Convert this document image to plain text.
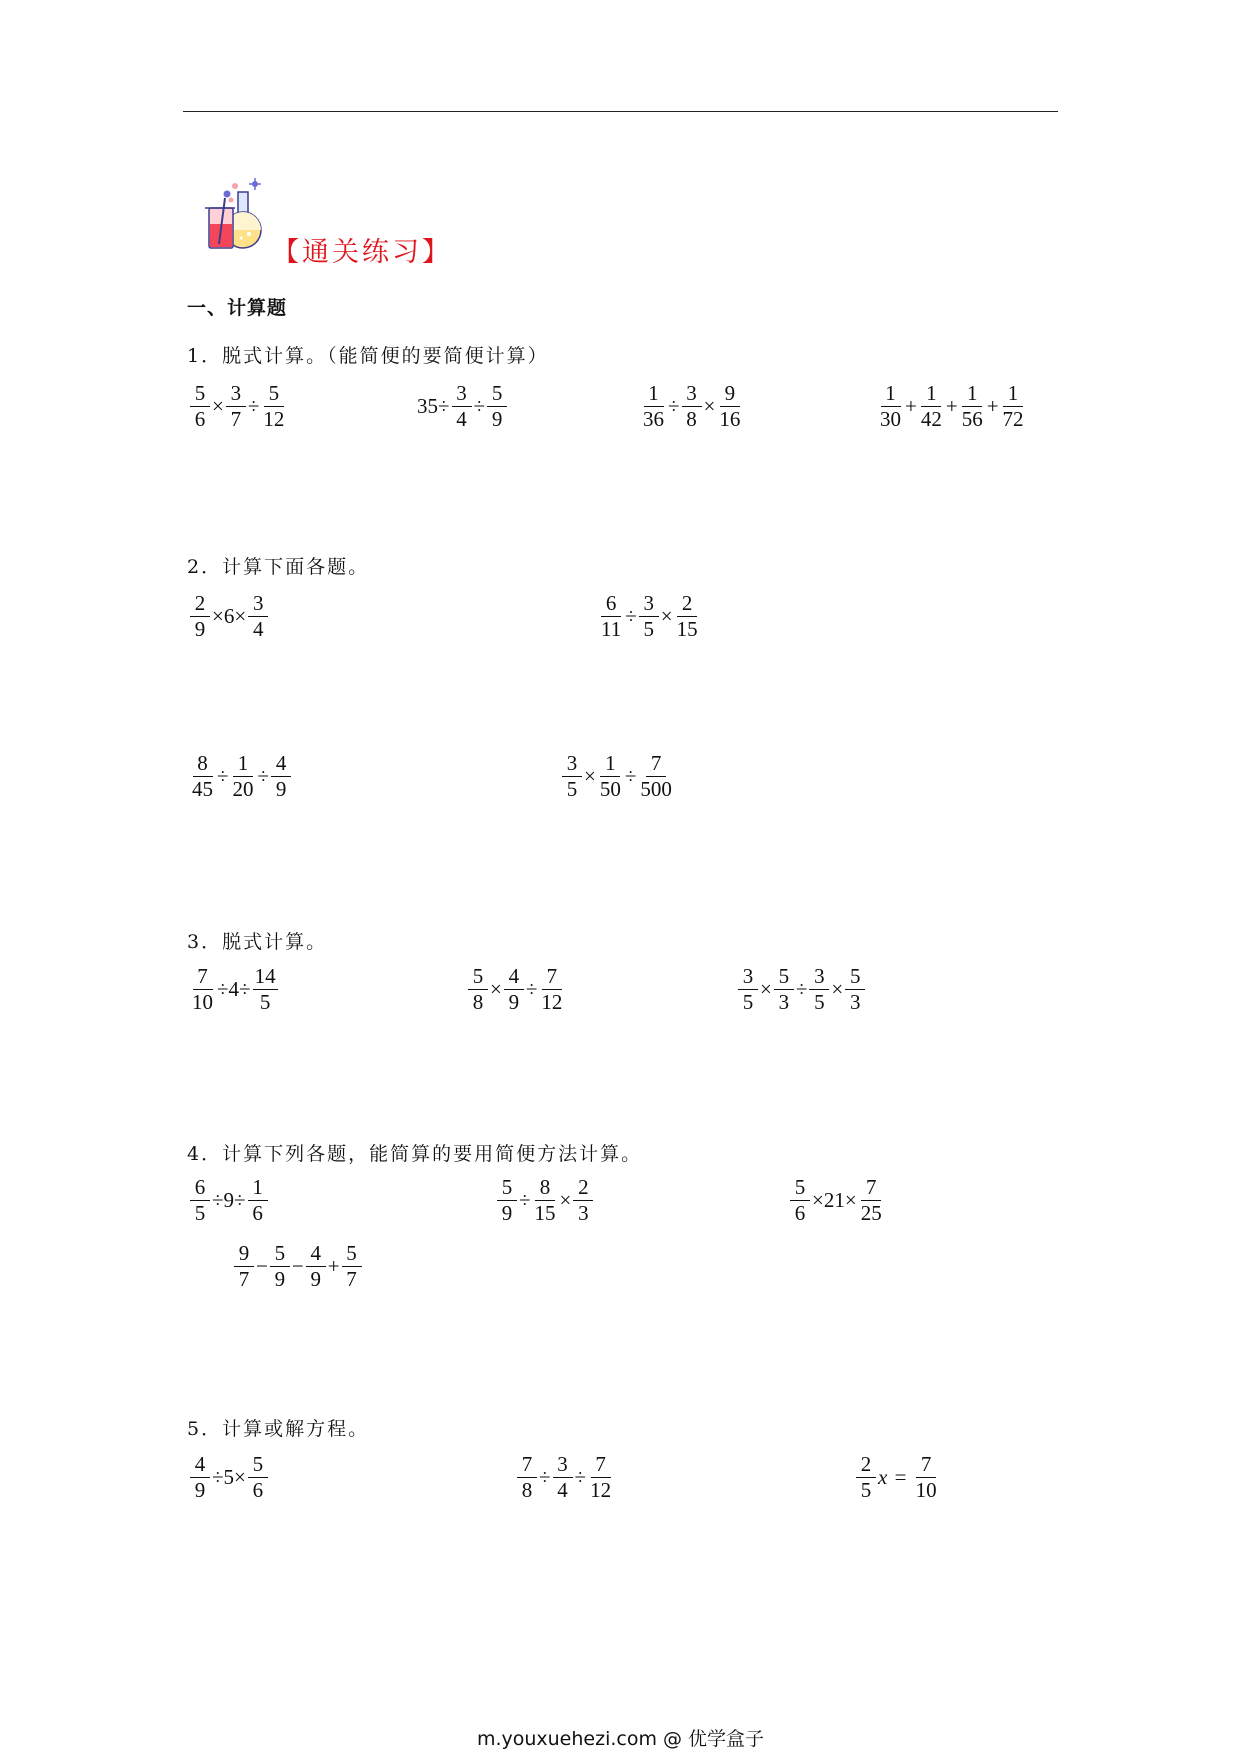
【通关练习】
一、计算题
1．脱式计算。（能简便的要简便计算）
2．计算下面各题。
3．脱式计算。
4．计算下列各题，能简算的要用简便方法计算。
5．计算或解方程。
$\frac{5}{6} \times \frac{3}{7} \div \frac{5}{12}$	$35\div \frac{3}{4} \div \frac{5}{9}$	$\frac{1}{36} \div \frac{3}{8} \times \frac{9}{16}$	$\frac{1}{30} + \frac{1}{42} + \frac{1}{56} + \frac{1}{72}$
$\frac{2}{9} \times 6\times \frac{3}{4}$	$\frac{6}{11} \div \frac{3}{5} \times \frac{2}{15}$
$\frac{8}{45} \div \frac{1}{20} \div \frac{4}{9}$	$\frac{3}{5} \times \frac{1}{50} \div \frac{7}{500}$
$\frac{7}{10} \div 4\div \frac{14}{5}$	$\frac{5}{8} \times \frac{4}{9} \div \frac{7}{12}$	$\frac{3}{5} \times \frac{5}{3} \div \frac{3}{5} \times \frac{5}{3}$
$\frac{6}{5} \div 9\div \frac{1}{6}$	$\frac{5}{9} \div \frac{8}{15} \times \frac{2}{3}$	$\frac{5}{6} \times 21\times \frac{7}{25}$
$\frac{9}{7} - \frac{5}{9} - \frac{4}{9} + \frac{5}{7}$
$\frac{4}{9} \div 5\times \frac{5}{6}$	$\frac{7}{8} \div \frac{3}{4} \div \frac{7}{12}$	$\frac{2}{5}$ $x = \frac{7}{10}$
m.youxuehezi.com @ 优学盒子
